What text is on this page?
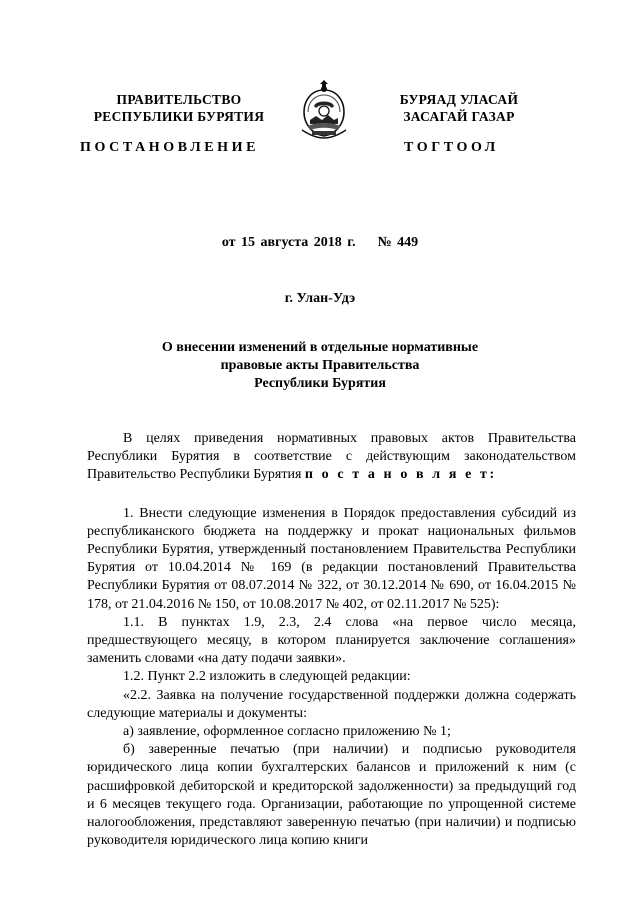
ПРАВИТЕЛЬСТВО
РЕСПУБЛИКИ БУРЯТИЯ
БУРЯАД УЛАСАЙ
ЗАСАГАЙ ГАЗАР
ПОСТАНОВЛЕНИЕ	ТОГТООЛ
от 15 августа 2018 г.    № 449
г. Улан-Удэ
О внесении изменений в отдельные нормативные
правовые акты Правительства
Республики Бурятия

В целях приведения нормативных правовых актов Правительства Республики Бурятия в соответствие с действующим законодательством Правительство Республики Бурятия п о с т а н о в л я е т:

1. Внести следующие изменения в Порядок предоставления субсидий из республиканского бюджета на поддержку и прокат национальных фильмов Республики Бурятия, утвержденный постановлением Правительства Республики Бурятия от 10.04.2014 № 169 (в редакции постановлений Правительства Республики Бурятия от 08.07.2014 № 322, от 30.12.2014 № 690, от 16.04.2015 № 178, от 21.04.2016 № 150, от 10.08.2017 № 402, от 02.11.2017 № 525):

1.1. В пунктах 1.9, 2.3, 2.4 слова «на первое число месяца, предшествующего месяцу, в котором планируется заключение соглашения» заменить словами «на дату подачи заявки».

1.2. Пункт 2.2 изложить в следующей редакции:

«2.2. Заявка на получение государственной поддержки должна содержать следующие материалы и документы:

а) заявление, оформленное согласно приложению № 1;

б) заверенные печатью (при наличии) и подписью руководителя юридического лица копии бухгалтерских балансов и приложений к ним (с расшифровкой дебиторской и кредиторской задолженности) за предыдущий год и 6 месяцев текущего года. Организации, работающие по упрощенной системе налогообложения, представляют заверенную печатью (при наличии) и подписью руководителя юридического лица копию книги
